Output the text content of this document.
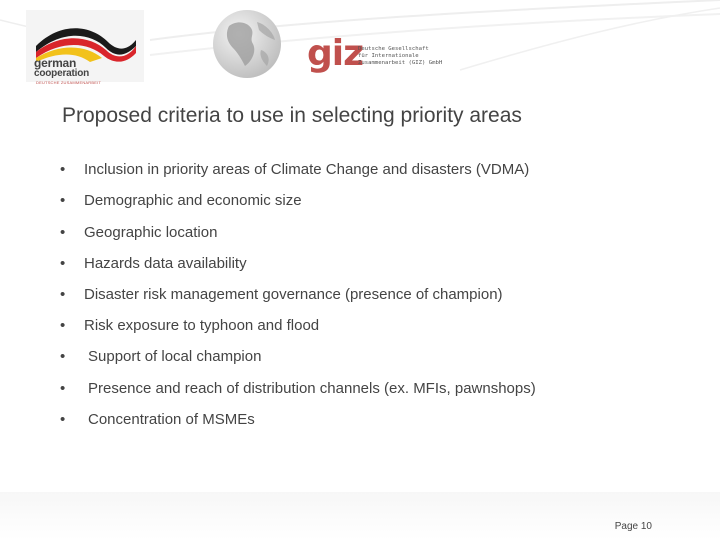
german
cooperation
DEUTSCHE ZUSAMMENARBEIT
giz
Deutsche Gesellschaft
für Internationale
Zusammenarbeit (GIZ) GmbH
Proposed criteria to use in selecting priority areas
•	Inclusion in priority areas of Climate Change and disasters (VDMA)
•	Demographic and economic size
•	Geographic location
•	Hazards data availability
•	Disaster risk management governance (presence of champion)
•	Risk exposure to typhoon and flood
•	Support of local champion
•	Presence and reach of distribution channels (ex. MFIs, pawnshops)
•	Concentration of MSMEs
Page 10
